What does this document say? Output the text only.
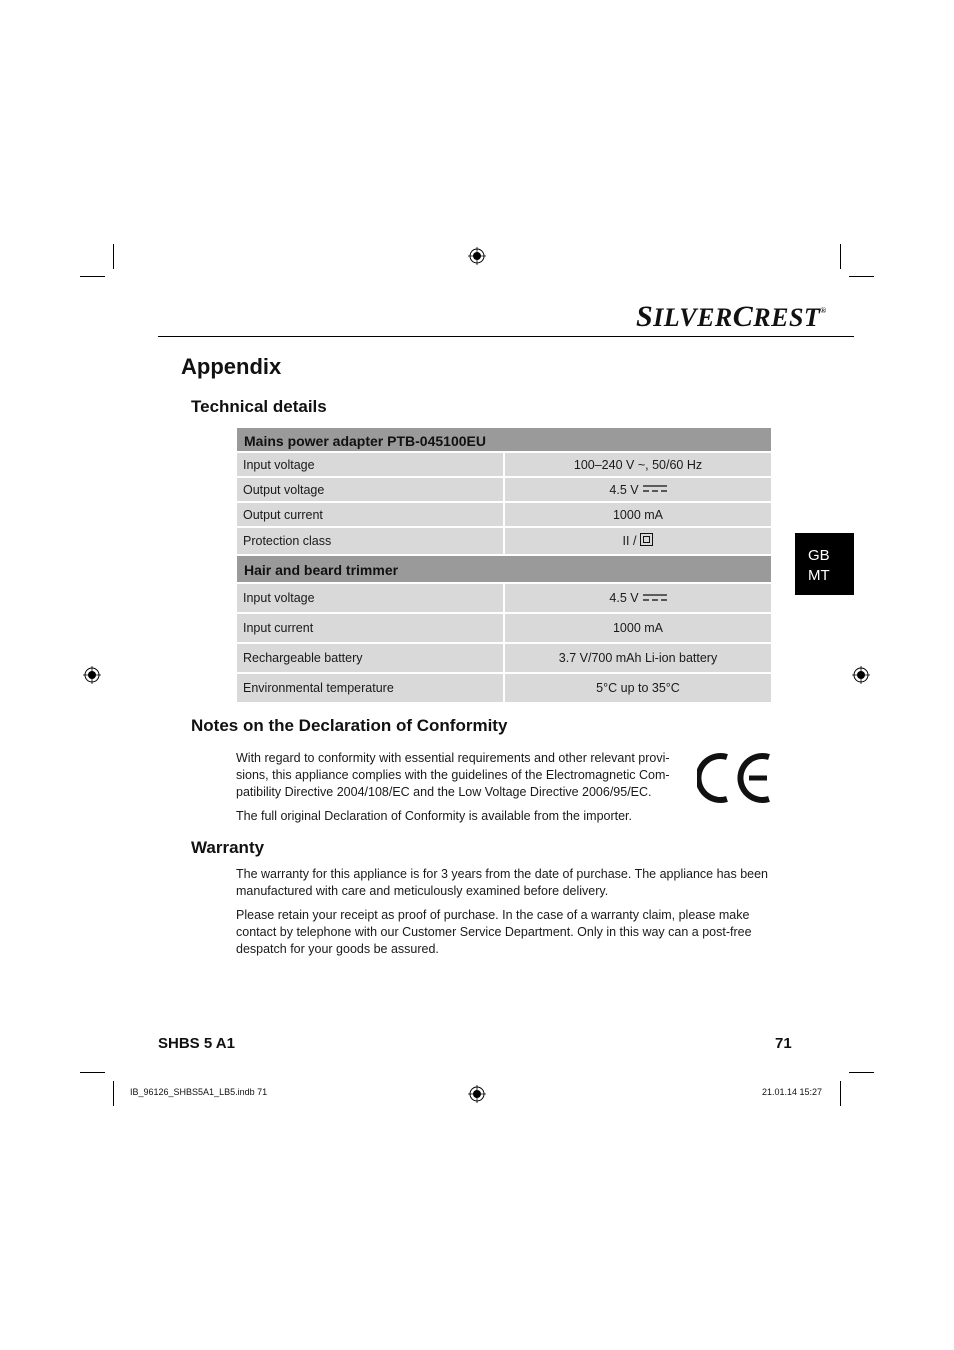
SILVERCREST®
Appendix
Technical details
Mains power adapter PTB-045100EU
Input voltage	100–240 V ~, 50/60 Hz
Output voltage	4.5 V
Output current	1000 mA
Protection class	II /
Hair and beard trimmer
Input voltage	4.5 V
Input current	1000 mA
Rechargeable battery	3.7 V/700 mAh Li-ion battery
Environmental temperature	5°C up to 35°C
GB
MT
Notes on the Declaration of Conformity
With regard to conformity with essential requirements and other relevant provi-
sions, this appliance complies with the guidelines of the Electromagnetic Com-
patibility Directive 2004/108/EC and the Low Voltage Directive 2006/95/EC.
The full original Declaration of Conformity is available from the importer.
Warranty
The warranty for this appliance is for 3 years from the date of purchase. The appliance has been
manufactured with care and meticulously examined before delivery.
Please retain your receipt as proof of purchase. In the case of a warranty claim, please make
contact by telephone with our Customer Service Department. Only in this way can a post-free
despatch for your goods be assured.
SHBS 5 A1	71
IB_96126_SHBS5A1_LB5.indb 71	21.01.14 15:27
